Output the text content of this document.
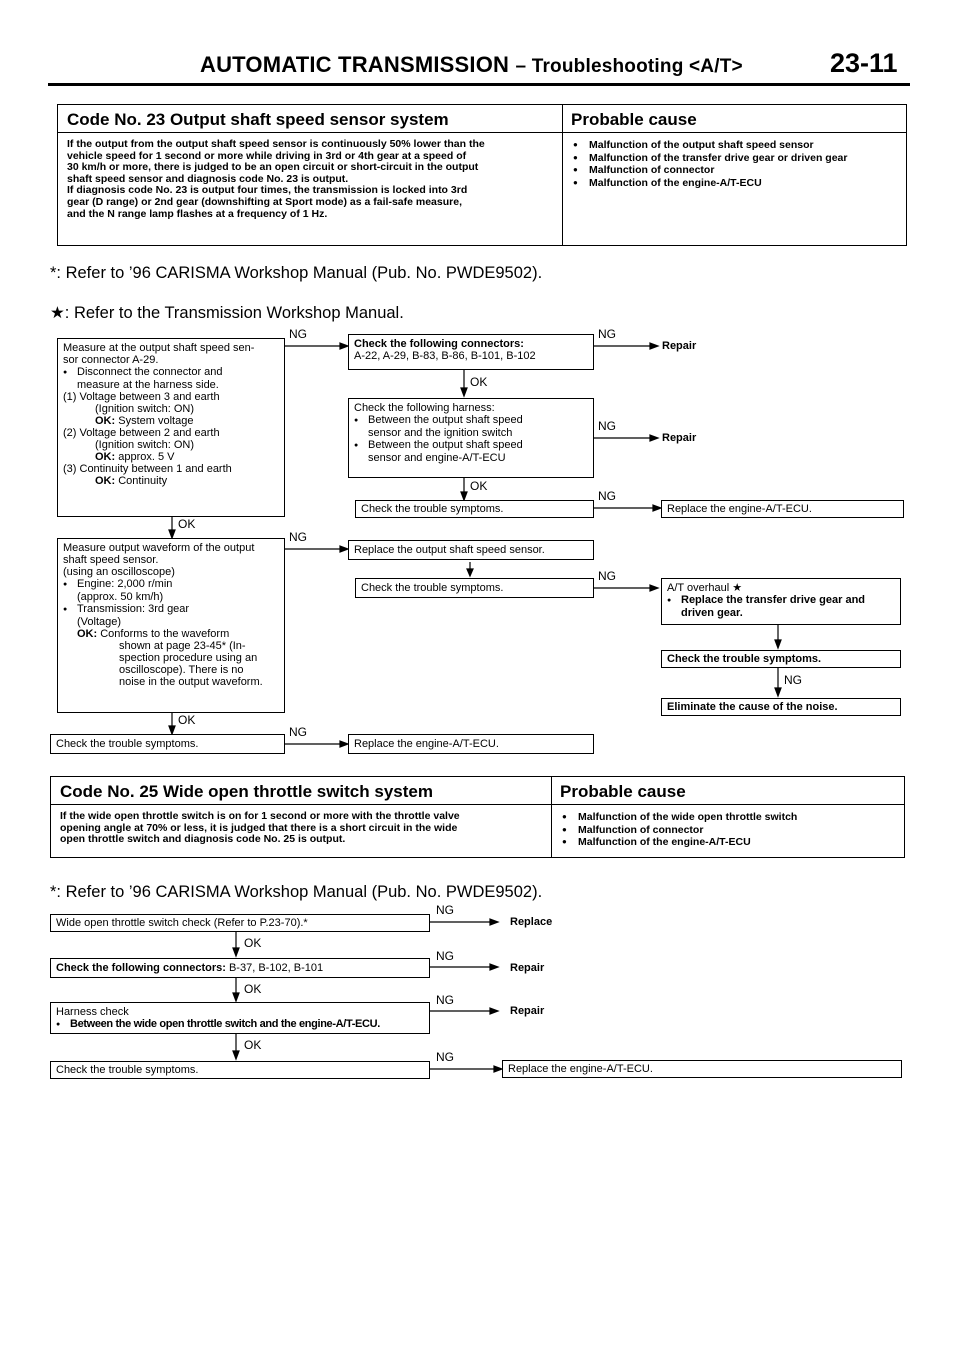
AUTOMATIC TRANSMISSION – Troubleshooting <A/T>	23-11
Code No. 23 Output shaft speed sensor system	Probable cause
If the output from the output shaft speed sensor is continuously 50% lower than the
vehicle speed for 1 second or more while driving in 3rd or 4th gear at a speed of
30 km/h or more, there is judged to be an open circuit or short-circuit in the output
shaft speed sensor and diagnosis code No. 23 is output.
If diagnosis code No. 23 is output four times, the transmission is locked into 3rd
gear (D range) or 2nd gear (downshifting at Sport mode) as a fail-safe measure,
and the N range lamp flashes at a frequency of 1 Hz.
● Malfunction of the output shaft speed sensor
● Malfunction of the transfer drive gear or driven gear
● Malfunction of connector
● Malfunction of the engine-A/T-ECU
*: Refer to ’96 CARISMA Workshop Manual (Pub. No. PWDE9502).
★: Refer to the Transmission Workshop Manual.
NG	NG
NG
NG
NG
NG
NG
OK
OK
OK
OK
NG
Repair
Repair
Measure at the output shaft speed sen-
sor connector A-29.
● Disconnect the connector and
measure at the harness side.
(1) Voltage between 3 and earth
(Ignition switch: ON)
OK: System voltage
(2) Voltage between 2 and earth
(Ignition switch: ON)
OK: approx. 5 V
(3) Continuity between 1 and earth
OK: Continuity
Check the following connectors:
A-22, A-29, B-83, B-86, B-101, B-102
Check the following harness:
● Between the output shaft speed
sensor and the ignition switch
● Between the output shaft speed
sensor and engine-A/T-ECU
Check the trouble symptoms.	Replace the engine-A/T-ECU.
Measure output waveform of the output
shaft speed sensor.
(using an oscilloscope)
● Engine: 2,000 r/min
(approx. 50 km/h)
● Transmission: 3rd gear
(Voltage)
OK: Conforms to the waveform
shown at page 23-45* (In-
spection procedure using an
oscilloscope). There is no
noise in the output waveform.
Replace the output shaft speed sensor.
Check the trouble symptoms.	A/T overhaul ★
● Replace the transfer drive gear and
driven gear.
Check the trouble symptoms.
Eliminate the cause of the noise.
Check the trouble symptoms.	Replace the engine-A/T-ECU.
Code No. 25 Wide open throttle switch system	Probable cause
If the wide open throttle switch is on for 1 second or more with the throttle valve
opening angle at 70% or less, it is judged that there is a short circuit in the wide
open throttle switch and diagnosis code No. 25 is output.
● Malfunction of the wide open throttle switch
● Malfunction of connector
● Malfunction of the engine-A/T-ECU
*: Refer to ’96 CARISMA Workshop Manual (Pub. No. PWDE9502).
NG
NG
NG
NG
OK
OK
OK
Replace
Repair
Repair
Wide open throttle switch check (Refer to P.23-70).*
Check the following connectors: B-37, B-102, B-101
Harness check
● Between the wide open throttle switch and the engine-A/T-ECU.
Check the trouble symptoms.	Replace the engine-A/T-ECU.
